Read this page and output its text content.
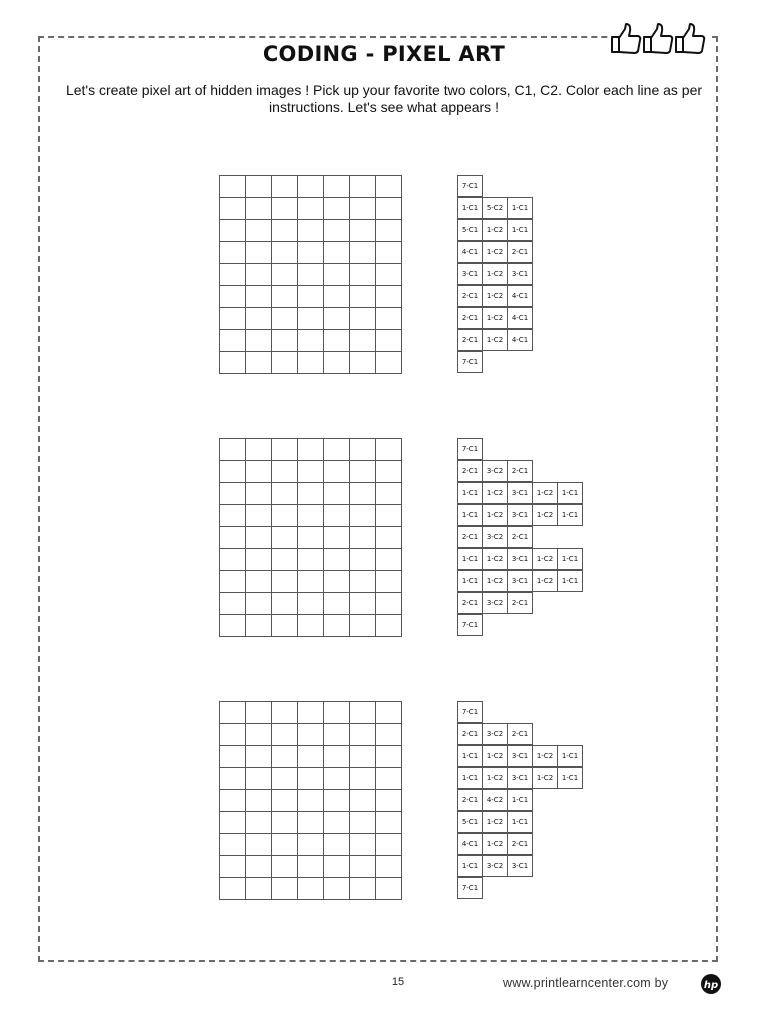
CODING - PIXEL ART
Let's create pixel art of hidden images ! Pick up your favorite two colors, C1, C2. Color each line as per
instructions. Let's see what appears !
7-C1
1-C1	5-C2	1-C1
5-C1	1-C2	1-C1
4-C1	1-C2	2-C1
3-C1	1-C2	3-C1
2-C1	1-C2	4-C1
2-C1	1-C2	4-C1
2-C1	1-C2	4-C1
7-C1
7-C1
2-C1	3-C2	2-C1
1-C1	1-C2	3-C1	1-C2	1-C1
1-C1	1-C2	3-C1	1-C2	1-C1
2-C1	3-C2	2-C1
1-C1	1-C2	3-C1	1-C2	1-C1
1-C1	1-C2	3-C1	1-C2	1-C1
2-C1	3-C2	2-C1
7-C1
7-C1
2-C1	3-C2	2-C1
1-C1	1-C2	3-C1	1-C2	1-C1
1-C1	1-C2	3-C1	1-C2	1-C1
2-C1	4-C2	1-C1
5-C1	1-C2	1-C1
4-C1	1-C2	2-C1
1-C1	3-C2	3-C1
7-C1
15	www.printlearncenter.com by	hp
